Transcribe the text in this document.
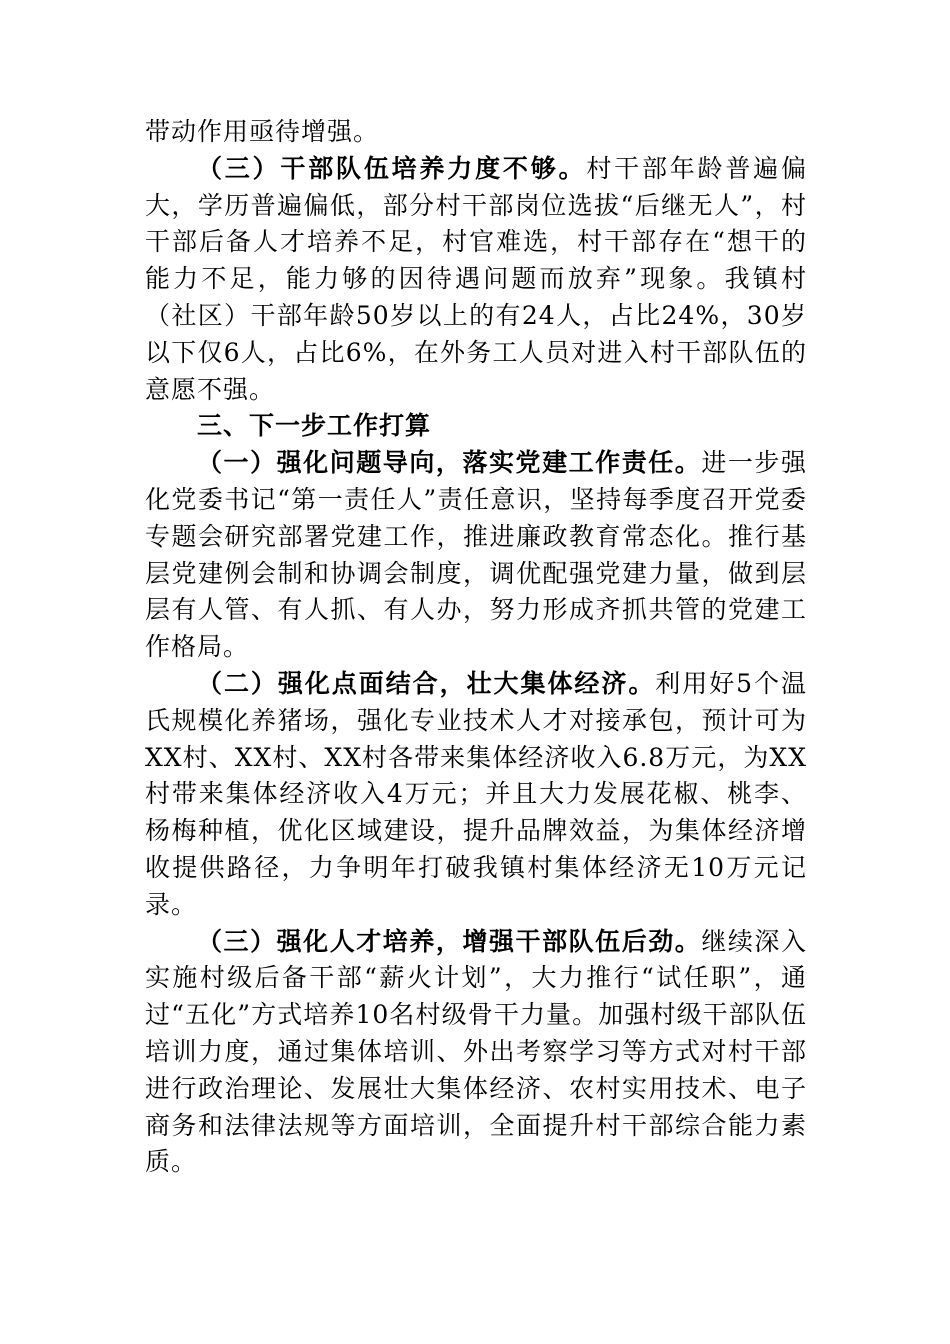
带动作用亟待增强。

（三）干部队伍培养力度不够。村干部年龄普遍偏大，学历普遍偏低，部分村干部岗位选拔“后继无人”，村干部后备人才培养不足，村官难选，村干部存在“想干的能力不足，能力够的因待遇问题而放弃”现象。我镇村（社区）干部年龄50岁以上的有24人，占比24%，30岁以下仅6人，占比6%，在外务工人员对进入村干部队伍的意愿不强。

三、下一步工作打算

（一）强化问题导向，落实党建工作责任。进一步强化党委书记“第一责任人”责任意识，坚持每季度召开党委专题会研究部署党建工作，推进廉政教育常态化。推行基层党建例会制和协调会制度，调优配强党建力量，做到层层有人管、有人抓、有人办，努力形成齐抓共管的党建工作格局。

（二）强化点面结合，壮大集体经济。利用好5个温氏规模化养猪场，强化专业技术人才对接承包，预计可为XX村、XX村、XX村各带来集体经济收入6.8万元，为XX村带来集体经济收入4万元；并且大力发展花椒、桃李、杨梅种植，优化区域建设，提升品牌效益，为集体经济增收提供路径，力争明年打破我镇村集体经济无10万元记录。

（三）强化人才培养，增强干部队伍后劲。继续深入实施村级后备干部“薪火计划”，大力推行“试任职”，通过“五化”方式培养10名村级骨干力量。加强村级干部队伍培训力度，通过集体培训、外出考察学习等方式对村干部进行政治理论、发展壮大集体经济、农村实用技术、电子商务和法律法规等方面培训，全面提升村干部综合能力素质。
